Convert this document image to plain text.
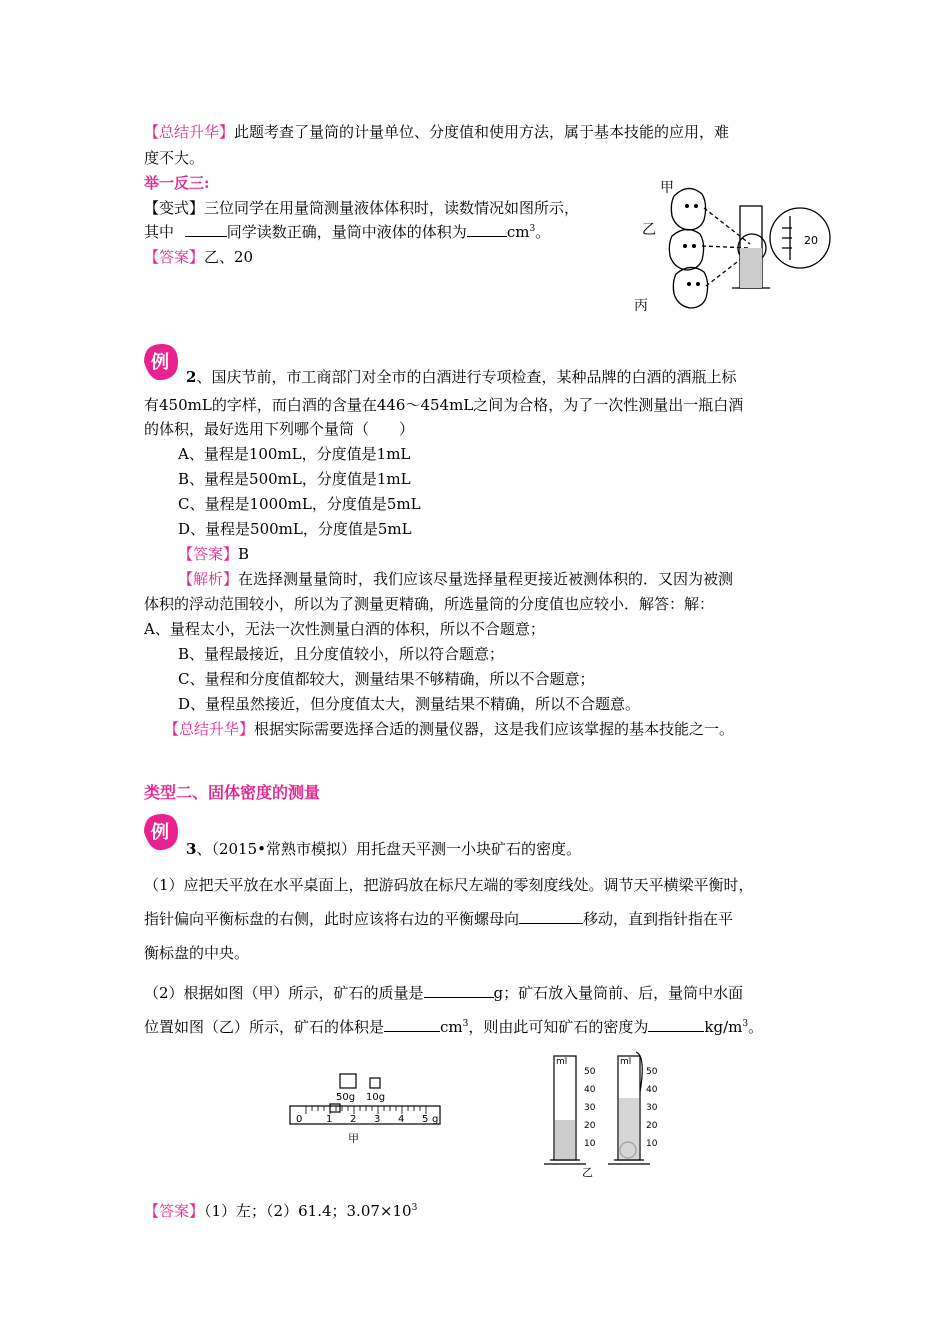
【总结升华】此题考查了量筒的计量单位、分度值和使用方法，属于基本技能的应用，难
度不大。
举一反三:
【变式】三位同学在用量筒测量液体体积时，读数情况如图所示，
其中	同学读数正确，量筒中液体的体积为	$cm^3$。
【答案】乙、20
甲
乙
丙
20
例
2、国庆节前，市工商部门对全市的白酒进行专项检查，某种品牌的白酒的酒瓶上标
有450mL的字样，而白酒的含量在446～454mL之间为合格，为了一次性测量出一瓶白酒
的体积，最好选用下列哪个量筒（　　）
A、量程是100mL，分度值是1mL
B、量程是500mL，分度值是1mL
C、量程是1000mL，分度值是5mL
D、量程是500mL，分度值是5mL
【答案】B
【解析】在选择测量量筒时，我们应该尽量选择量程更接近被测体积的．又因为被测
体积的浮动范围较小，所以为了测量更精确，所选量筒的分度值也应较小．解答：解：
A、量程太小，无法一次性测量白酒的体积，所以不合题意；
B、量程最接近，且分度值较小，所以符合题意；
C、量程和分度值都较大，测量结果不够精确，所以不合题意；
D、量程虽然接近，但分度值太大，测量结果不精确，所以不合题意。
【总结升华】根据实际需要选择合适的测量仪器，这是我们应该掌握的基本技能之一。
类型二、固体密度的测量
例
3、（2015•常熟市模拟）用托盘天平测一小块矿石的密度。
（1）应把天平放在水平桌面上，把游码放在标尺左端的零刻度线处。调节天平横梁平衡时，
指针偏向平衡标盘的右侧，此时应该将右边的平衡螺母向	移动，直到指针指在平
衡标盘的中央。
（2）根据如图（甲）所示，矿石的质量是	g；矿石放入量筒前、后，量筒中水面
位置如图（乙）所示，矿石的体积是	$cm^3$，则由此可知矿石的密度为	$kg/m^3$。
50g 10g
0 1 2 3 4 5 g
甲
ml
50
40
30
20
10
ml
50
40
30
20
10
乙
【答案】（1）左；（2）61.4；$3.07\times 10^3$
